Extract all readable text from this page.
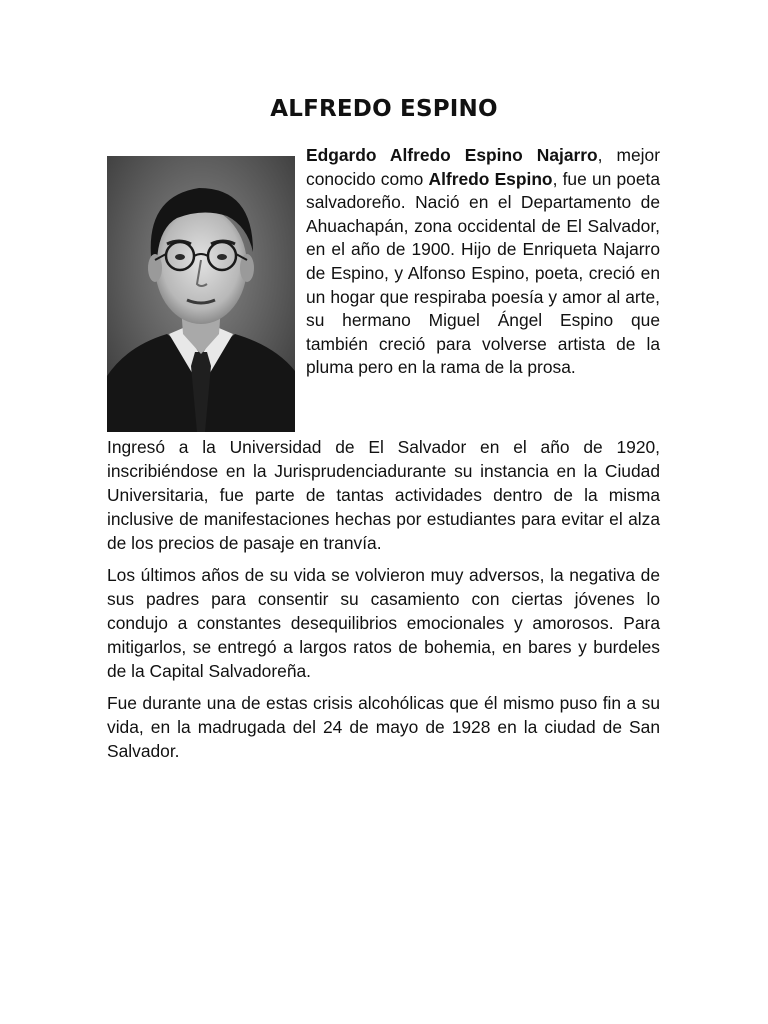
ALFREDO ESPINO

Edgardo Alfredo Espino Najarro, mejor conocido como Alfredo Espino, fue un poeta salvadoreño. Nació en el Departamento de Ahuachapán, zona occidental de El Salvador, en el año de 1900. Hijo de Enriqueta Najarro de Espino, y Alfonso Espino, poeta, creció en un hogar que respiraba poesía y amor al arte, su hermano Miguel Ángel Espino que también creció para volverse artista de la pluma pero en la rama de la prosa.

Ingresó a la Universidad de El Salvador en el año de 1920, inscribiéndose en la Jurisprudenciadurante su instancia en la Ciudad Universitaria, fue parte de tantas actividades dentro de la misma inclusive de manifestaciones hechas por estudiantes para evitar el alza de los precios de pasaje en tranvía.

Los últimos años de su vida se volvieron muy adversos, la negativa de sus padres para consentir su casamiento con ciertas jóvenes lo condujo a constantes desequilibrios emocionales y amorosos. Para mitigarlos, se entregó a largos ratos de bohemia, en bares y burdeles de la Capital Salvadoreña.

Fue durante una de estas crisis alcohólicas que él mismo puso fin a su vida, en la madrugada del 24 de mayo de 1928 en la ciudad de San Salvador.
